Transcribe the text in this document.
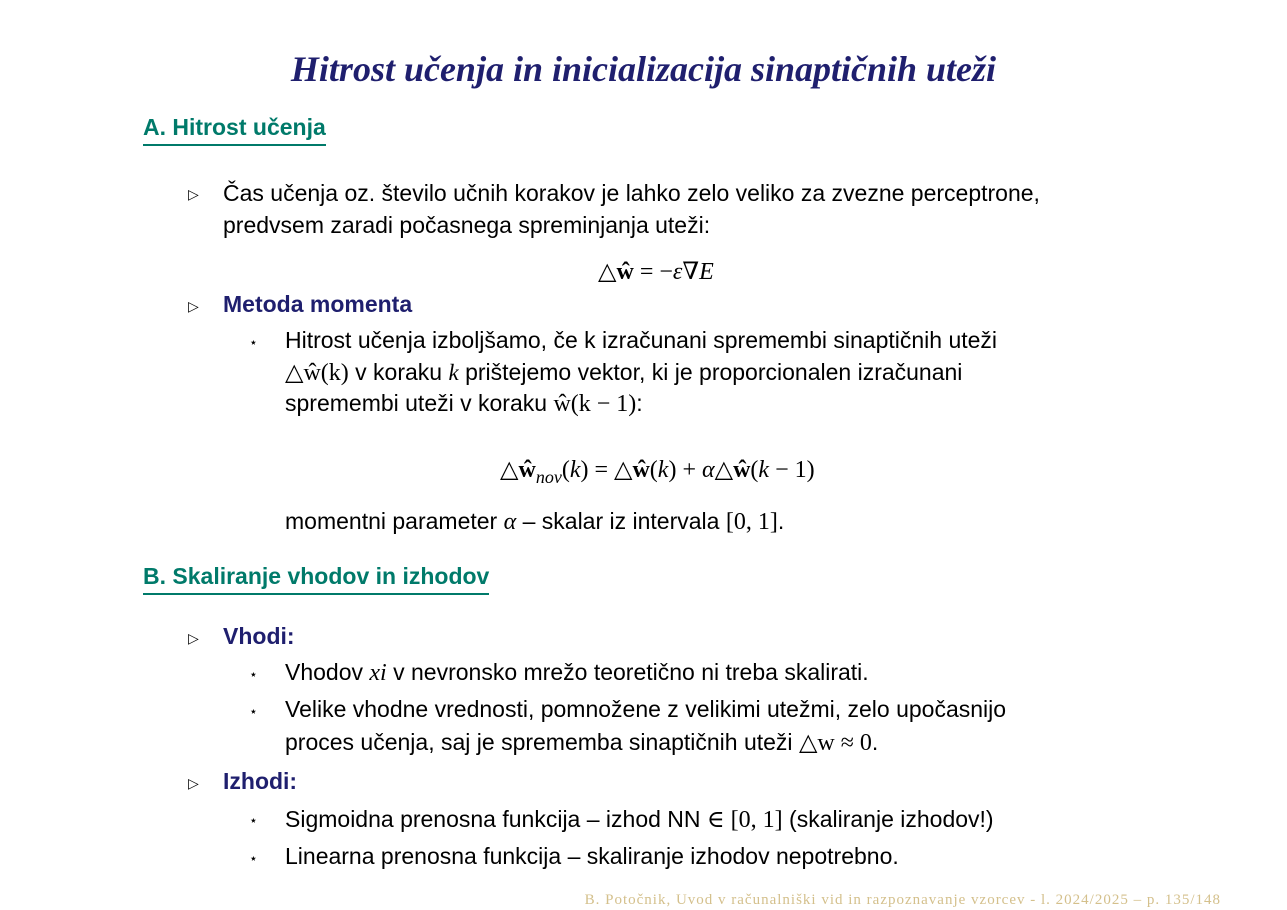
Hitrost učenja in inicializacija sinaptičnih uteži
A. Hitrost učenja
▷ Čas učenja oz. število učnih korakov je lahko zelo veliko za zvezne perceptrone,
predvsem zaradi počasnega spreminjanja uteži:
△ŵ = −ε∇E
▷ Metoda momenta
⋆ Hitrost učenja izboljšamo, če k izračunani spremembi sinaptičnih uteži
△ŵ(k) v koraku k prištejemo vektor, ki je proporcionalen izračunani
spremembi uteži v koraku ŵ(k − 1):
$\triangle ŵ_{nov}(k)$ = △ŵ(k) + α△ŵ(k − 1)
momentni parameter α – skalar iz intervala [0, 1].
B. Skaliranje vhodov in izhodov
▷ Vhodi:
⋆ Vhodov xi v nevronsko mrežo teoretično ni treba skalirati.
⋆ Velike vhodne vrednosti, pomnožene z velikimi utežmi, zelo upočasnijo
proces učenja, saj je sprememba sinaptičnih uteži △w ≈ 0.
▷ Izhodi:
⋆ Sigmoidna prenosna funkcija – izhod NN ∈ [0, 1] (skaliranje izhodov!)
⋆ Linearna prenosna funkcija – skaliranje izhodov nepotrebno.
B. Potočnik, Uvod v računalniški vid in razpoznavanje vzorcev - l. 2024/2025 – p. 135/148
